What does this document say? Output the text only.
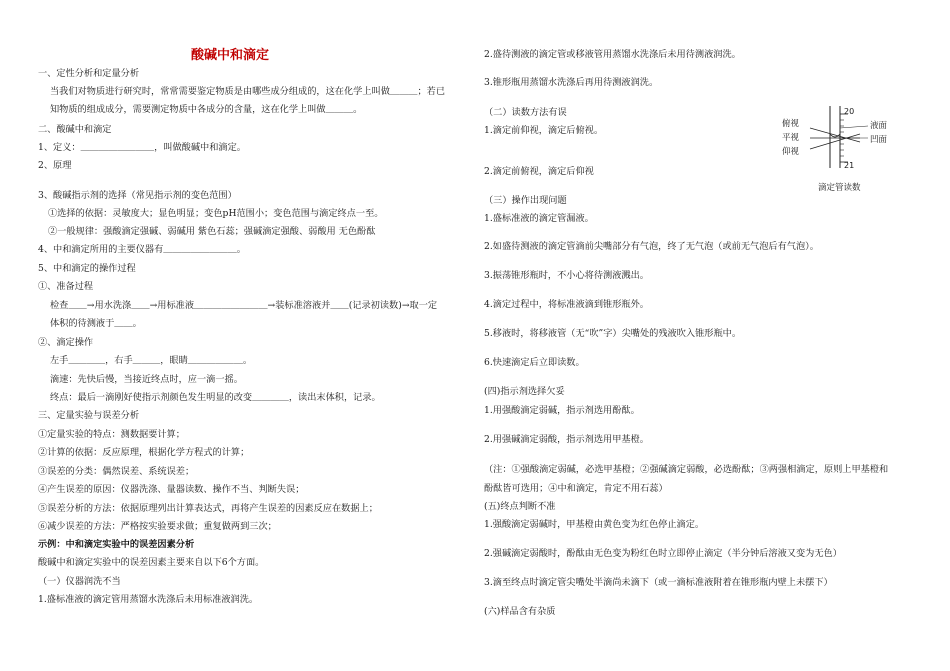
酸碱中和滴定
一、定性分析和定量分析
当我们对物质进行研究时，常常需要鉴定物质是由哪些成分组成的，这在化学上叫做＿＿＿；若已
知物质的组成成分，需要测定物质中各成分的含量，这在化学上叫做＿＿＿。
二、酸碱中和滴定
1、定义：＿＿＿＿＿＿＿＿，叫做酸碱中和滴定。
2、原理
3、酸碱指示剂的选择（常见指示剂的变色范围）
①选择的依据：灵敏度大；显色明显；变色pH范围小；变色范围与滴定终点一至。
②一般规律：强酸滴定强碱、弱碱用 紫色石蕊；强碱滴定强酸、弱酸用 无色酚酞
4、中和滴定所用的主要仪器有＿＿＿＿＿＿＿＿。
5、中和滴定的操作过程
①、准备过程
检查＿＿→用水洗涤＿＿→用标准液＿＿＿＿＿＿＿＿→装标准溶液并＿＿(记录初读数)→取一定
体积的待测液于＿＿。
②、滴定操作
左手＿＿＿＿，右手＿＿＿，眼睛＿＿＿＿＿＿。
滴速：先快后慢，当接近终点时，应一滴一摇。
终点：最后一滴刚好使指示剂颜色发生明显的改变＿＿＿＿，读出末体积，记录。
三、定量实验与误差分析
①定量实验的特点：测数据要计算；
②计算的依据：反应原理，根据化学方程式的计算；
③误差的分类：偶然误差、系统误差；
④产生误差的原因：仪器洗涤、量器读数、操作不当、判断失误；
⑤误差分析的方法：依据原理列出计算表达式，再将产生误差的因素反应在数据上；
⑥减少误差的方法：严格按实验要求做；重复做两到三次；
示例：中和滴定实验中的误差因素分析
酸碱中和滴定实验中的误差因素主要来自以下6个方面。
（一）仪器润洗不当
1.盛标准液的滴定管用蒸馏水洗涤后未用标准液润洗。
2.盛待测液的滴定管或移液管用蒸馏水洗涤后未用待测液润洗。
3.锥形瓶用蒸馏水洗涤后再用待测液润洗。
（二）读数方法有误
1.滴定前仰视，滴定后俯视。
2.滴定前俯视，滴定后仰视
（三）操作出现问题
1.盛标准液的滴定管漏液。
2.如盛待测液的滴定管滴前尖嘴部分有气泡，终了无气泡（或前无气泡后有气泡）。
3.振荡锥形瓶时，不小心将待测液溅出。
4.滴定过程中，将标准液滴到锥形瓶外。
5.移液时，将移液管（无“吹”字）尖嘴处的残液吹入锥形瓶中。
6.快速滴定后立即读数。
(四)指示剂选择欠妥
1.用强酸滴定弱碱，指示剂选用酚酞。
2.用强碱滴定弱酸，指示剂选用甲基橙。
（注：①强酸滴定弱碱，必选甲基橙；②强碱滴定弱酸，必选酚酞；③两强相滴定，原则上甲基橙和
酚酞皆可选用；④中和滴定，肯定不用石蕊）
(五)终点判断不准
1.强酸滴定弱碱时，甲基橙由黄色变为红色停止滴定。
2.强碱滴定弱酸时，酚酞由无色变为粉红色时立即停止滴定（半分钟后溶液又变为无色）
3.滴至终点时滴定管尖嘴处半滴尚未滴下（或一滴标准液附着在锥形瓶内壁上未摆下）
(六)样品含有杂质
俯视
平视
仰视
20
21
液面
凹面
滴定管读数
